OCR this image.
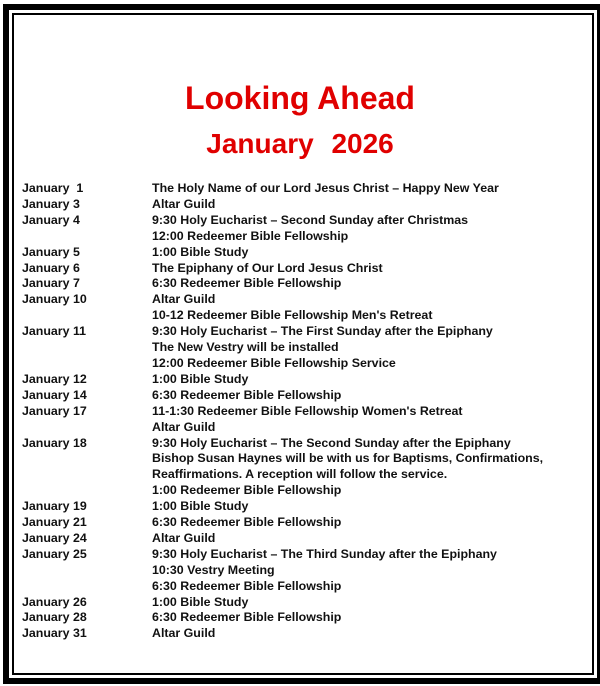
Looking Ahead
January 2026
January  1	The Holy Name of our Lord Jesus Christ – Happy New Year
January 3	Altar Guild
January 4	9:30 Holy Eucharist – Second Sunday after Christmas
12:00 Redeemer Bible Fellowship
January 5	1:00 Bible Study
January 6	The Epiphany of Our Lord Jesus Christ
January 7	6:30 Redeemer Bible Fellowship
January 10	Altar Guild
10-12 Redeemer Bible Fellowship Men's Retreat
January 11	9:30 Holy Eucharist – The First Sunday after the Epiphany
The New Vestry will be installed
12:00 Redeemer Bible Fellowship Service
January 12	1:00 Bible Study
January 14	6:30 Redeemer Bible Fellowship
January 17	11-1:30 Redeemer Bible Fellowship Women's Retreat
Altar Guild
January 18	9:30 Holy Eucharist – The Second Sunday after the Epiphany
Bishop Susan Haynes will be with us for Baptisms, Confirmations,
Reaffirmations. A reception will follow the service.
1:00 Redeemer Bible Fellowship
January 19	1:00 Bible Study
January 21	6:30 Redeemer Bible Fellowship
January 24	Altar Guild
January 25	9:30 Holy Eucharist – The Third Sunday after the Epiphany
10:30 Vestry Meeting
6:30 Redeemer Bible Fellowship
January 26	1:00 Bible Study
January 28	6:30 Redeemer Bible Fellowship
January 31	Altar Guild
